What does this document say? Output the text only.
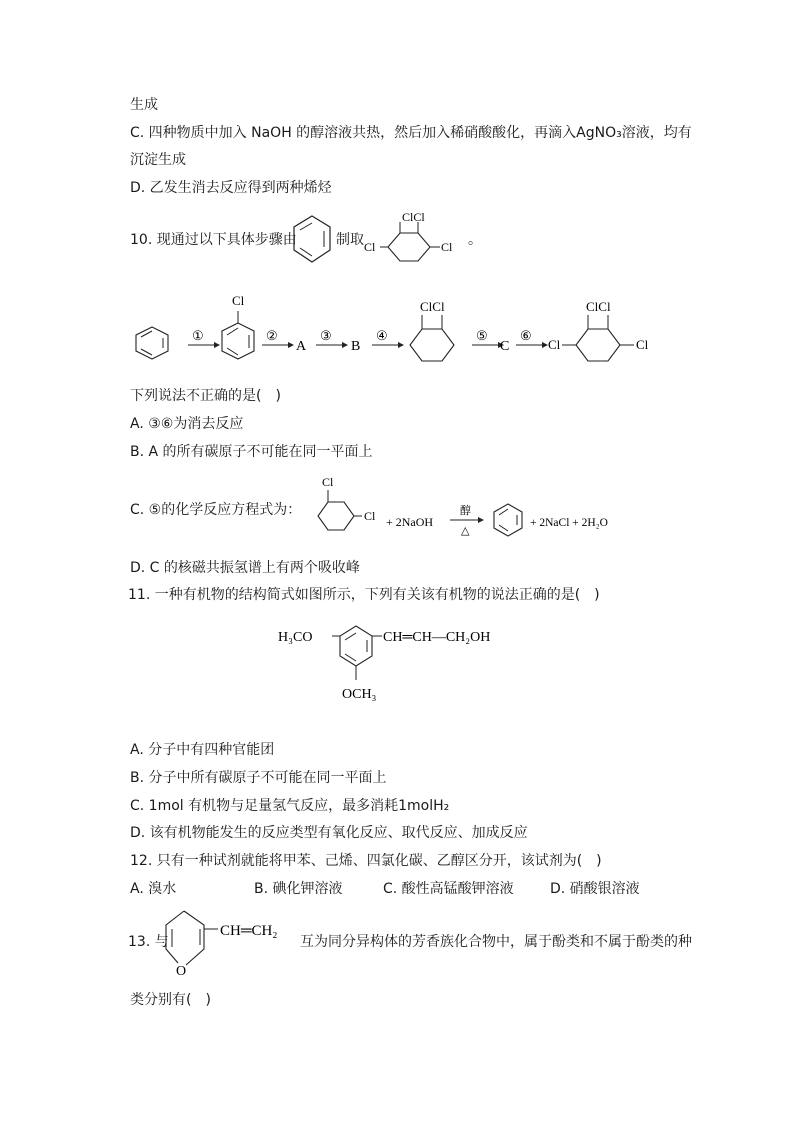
生成
C. 四种物质中加入 NaOH 的醇溶液共热，然后加入稀硝酸酸化，再滴入AgNO₃溶液，均有
沉淀生成
D. 乙发生消去反应得到两种烯烃
10. 现通过以下具体步骤由	制取
ClCl
Cl	Cl 。
①
Cl
②
A
③
B
④
ClCl
⑤
C
⑥
Cl
ClCl
Cl
下列说法不正确的是(　)
A. ③⑥为消去反应
B. A 的所有碳原子不可能在同一平面上
C. ⑤的化学反应方程式为：
Cl
Cl + 2NaOH
醇
△
+ 2NaCl + 2H₂O
D. C 的核磁共振氢谱上有两个吸收峰
11. 一种有机物的结构简式如图所示，下列有关该有机物的说法正确的是(　)
H₃CO	CH═CH—CH₂OH
OCH₃
A. 分子中有四种官能团
B. 分子中所有碳原子不可能在同一平面上
C. 1mol 有机物与足量氢气反应，最多消耗1molH₂
D. 该有机物能发生的反应类型有氧化反应、取代反应、加成反应
12. 只有一种试剂就能将甲苯、己烯、四氯化碳、乙醇区分开，该试剂为(　)
A. 溴水	B. 碘化钾溶液	C. 酸性高锰酸钾溶液	D. 硝酸银溶液
13. 与
O
CH═CH₂
互为同分异构体的芳香族化合物中，属于酚类和不属于酚类的种
类分别有(　)
